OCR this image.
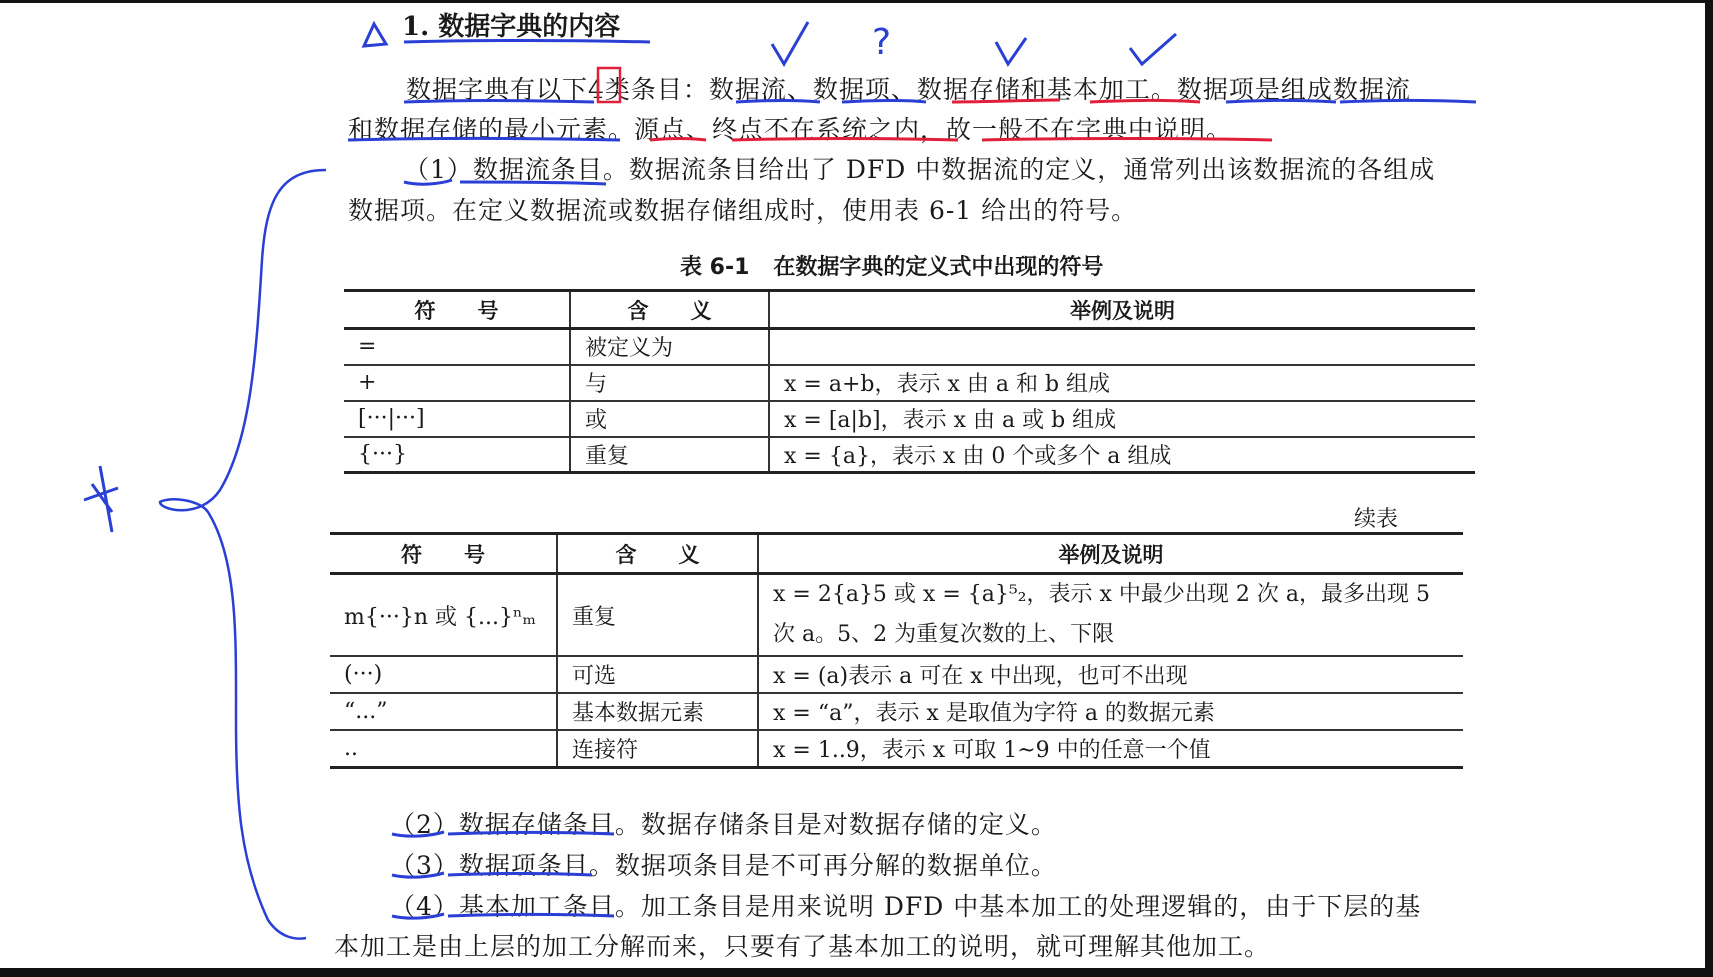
1. 数据字典的内容
数据字典有以下4类条目：数据流、数据项、数据存储和基本加工。数据项是组成数据流
和数据存储的最小元素。源点、终点不在系统之内，故一般不在字典中说明。
（1）数据流条目。数据流条目给出了 DFD 中数据流的定义，通常列出该数据流的各组成
数据项。在定义数据流或数据存储组成时，使用表 6-1 给出的符号。
表 6-1 在数据字典的定义式中出现的符号
符　　号	含　　义	举例及说明
=	被定义为	
+	与	x = a+b，表示 x 由 a 和 b 组成
[···|···]	或	x = [a|b]，表示 x 由 a 或 b 组成
{···}	重复	x = {a}，表示 x 由 0 个或多个 a 组成
续表
符　　号	含　　义	举例及说明
m{···}n 或 {...}ⁿₘ	重复	x = 2{a}5 或 x = {a}⁵₂，表示 x 中最少出现 2 次 a，最多出现 5 次 a。5、2 为重复次数的上、下限
(···)	可选	x = (a)表示 a 可在 x 中出现，也可不出现
“...”	基本数据元素	x = “a”，表示 x 是取值为字符 a 的数据元素
..	连接符	x = 1..9，表示 x 可取 1~9 中的任意一个值
（2）数据存储条目。数据存储条目是对数据存储的定义。
（3）数据项条目。数据项条目是不可再分解的数据单位。
（4）基本加工条目。加工条目是用来说明 DFD 中基本加工的处理逻辑的，由于下层的基
本加工是由上层的加工分解而来，只要有了基本加工的说明，就可理解其他加工。
?
